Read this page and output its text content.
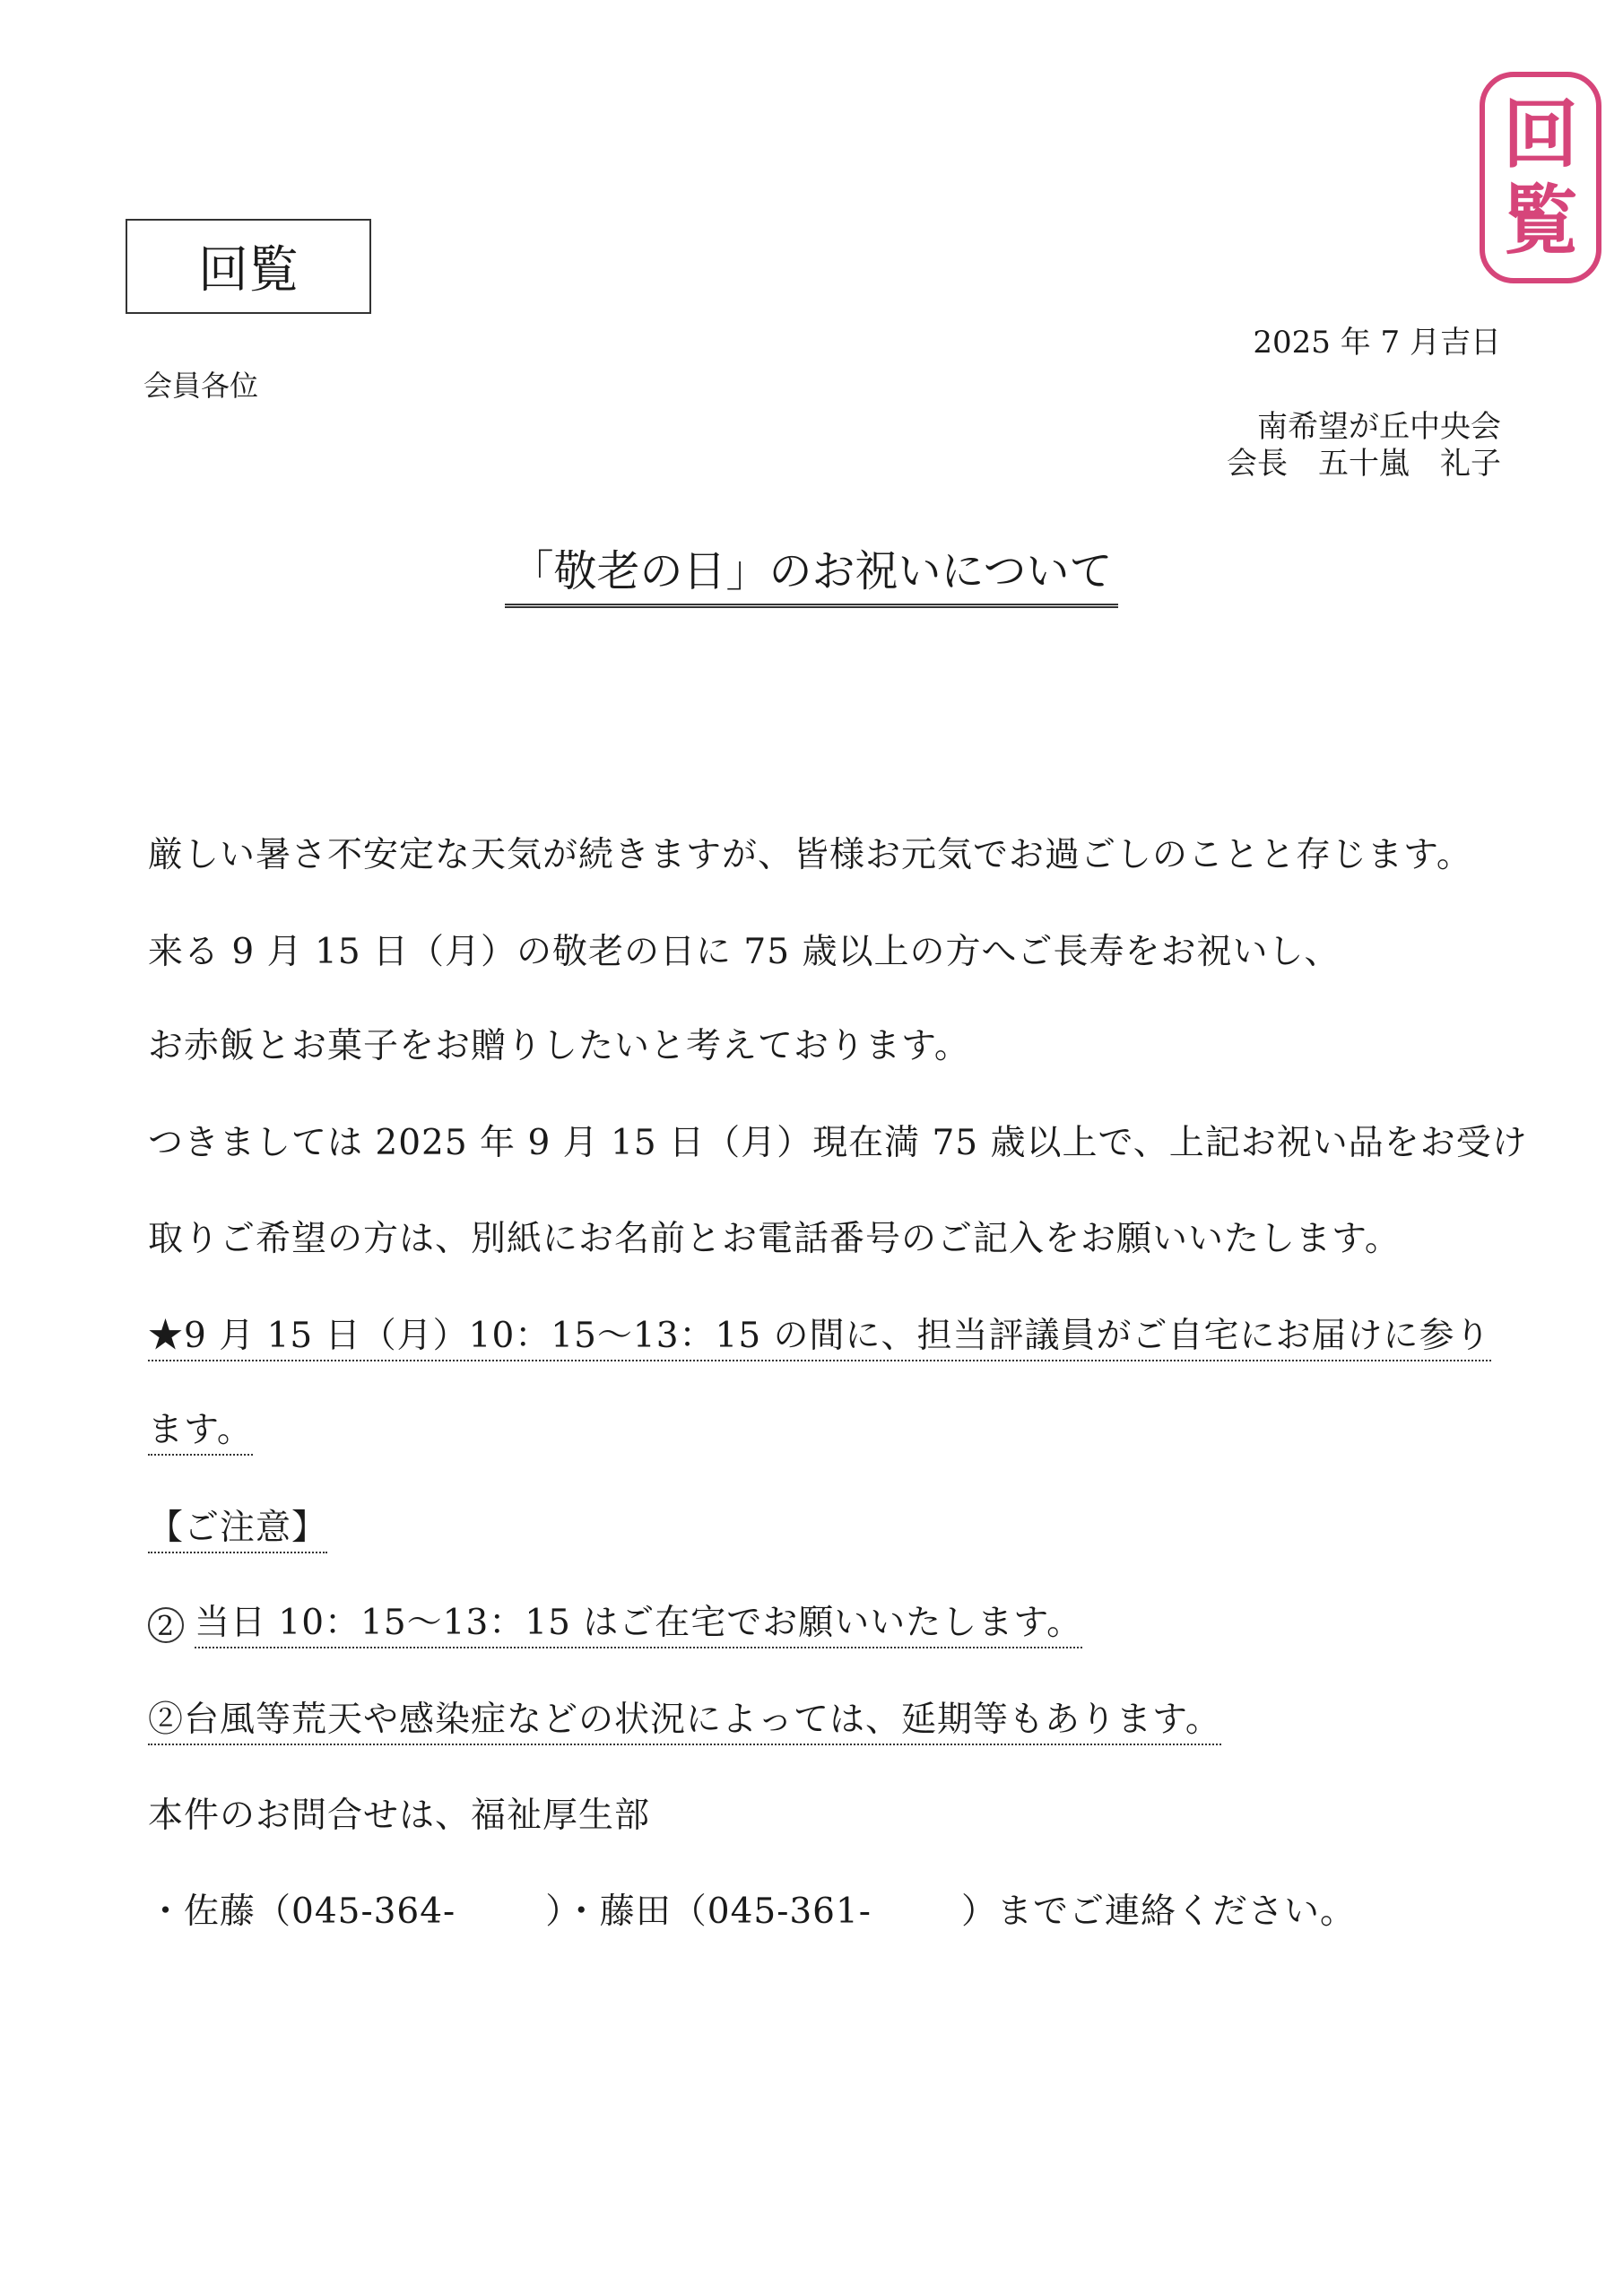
回覧
回
覧
2025 年 7 月吉日
会員各位
南希望が丘中央会
会長　五十嵐　礼子
「敬老の日」のお祝いについて
厳しい暑さ不安定な天気が続きますが、皆様お元気でお過ごしのことと存じます。
来る 9 月 15 日（月）の敬老の日に 75 歳以上の方へご長寿をお祝いし、
お赤飯とお菓子をお贈りしたいと考えております。
つきましては 2025 年 9 月 15 日（月）現在満 75 歳以上で、上記お祝い品をお受け
取りご希望の方は、別紙にお名前とお電話番号のご記入をお願いいたします。
★9 月 15 日（月）10：15～13：15 の間に、担当評議員がご自宅にお届けに参り
ます。
【ご注意】
2 当日 10：15～13：15 はご在宅でお願いいたします。
②台風等荒天や感染症などの状況によっては、延期等もあります。
本件のお問合せは、福祉厚生部
・佐藤（045-364-	）・藤田（045-361-	）までご連絡ください。
